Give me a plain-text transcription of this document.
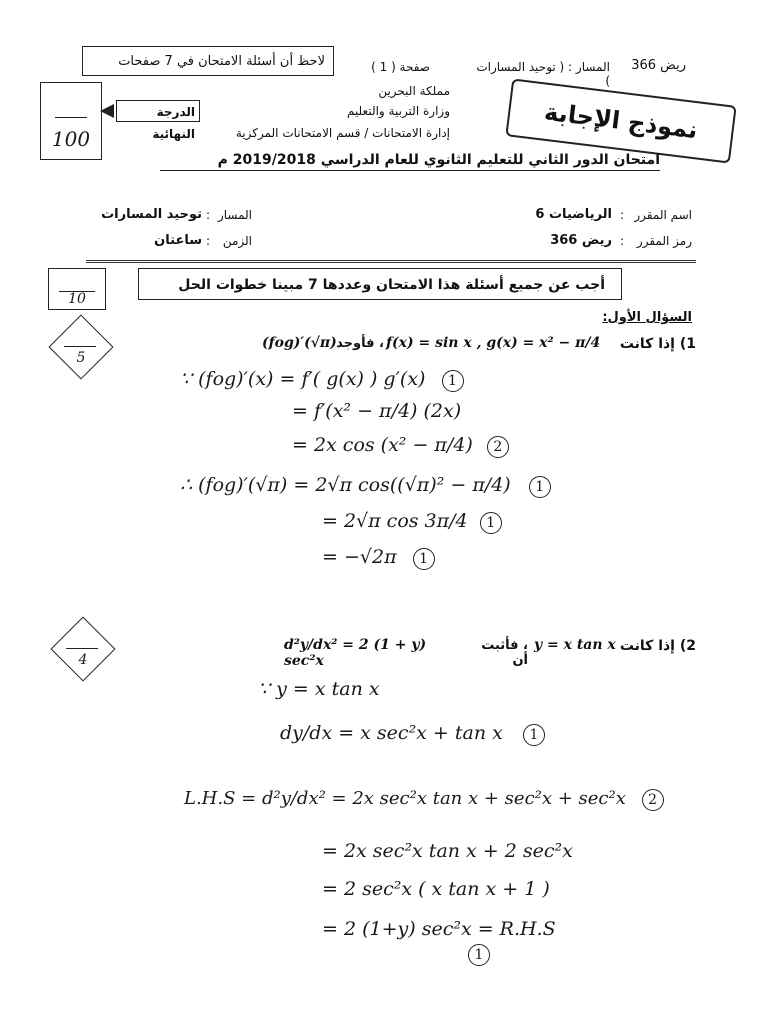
لاحظ أن أسئلة الامتحان في 7 صفحات	صفحة ( 1 )	المسار : ( توحيد المسارات )
ريض 366
100
الدرجة النهائية
مملكة البحرين
وزارة التربية والتعليم
إدارة الامتحانات / قسم الامتحانات المركزية	نموذج الإجابة
امتحان الدور الثاني للتعليم الثانوي للعام الدراسي 2019/2018 م
اسم المقرر
:
الرياضيات 6
رمز المقرر
:
ريض 366
المسار
:
توحيد المسارات
الزمن
:
ساعتان
10
أجب عن جميع أسئلة هذا الامتحان وعددها 7 مبينا خطوات الحل
السؤال الأول:
5
1) إذا كانت
f(x) = sin x , g(x) = x² − π/4
، فأوجد
(fog)′(√π)
∵ (fog)′(x) = f′( g(x) ) g′(x) 1
= f′(x² − π/4) (2x)
= 2x cos (x² − π/4) 2
∴ (fog)′(√π) = 2√π cos((√π)² − π/4) 1
= 2√π cos 3π/4 1
= −√2π 1
4
2) إذا كانت
y = x tan x
، فأثبت أن
d²y/dx² = 2 (1 + y) sec²x
∵ y = x tan x
dy/dx = x sec²x + tan x 1
L.H.S = d²y/dx² = 2x sec²x tan x + sec²x + sec²x 2
= 2x sec²x tan x + 2 sec²x
= 2 sec²x ( x tan x + 1 )
= 2 (1+y) sec²x = R.H.S
1
